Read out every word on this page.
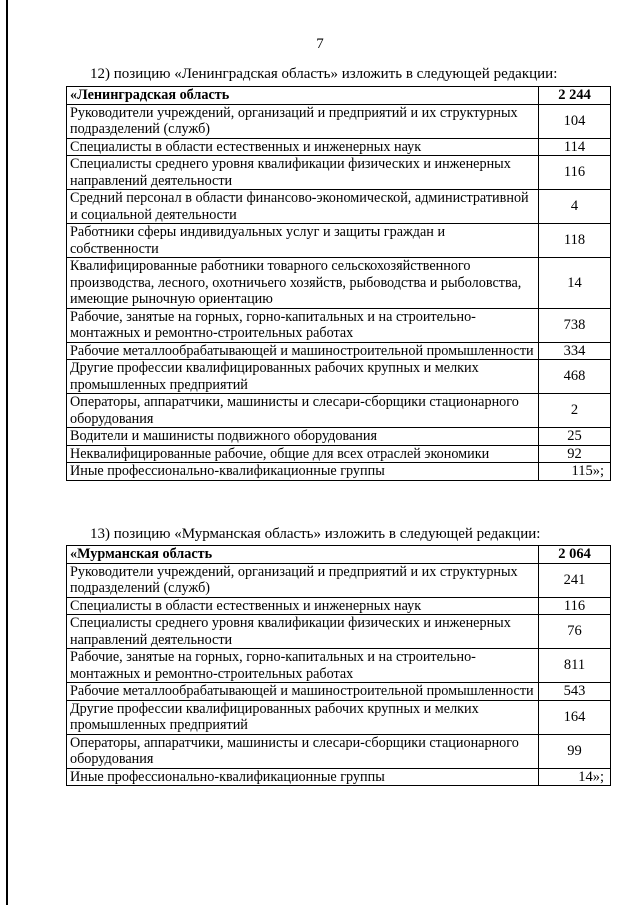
7
12) позицию «Ленинградская область» изложить в следующей редакции:
«Ленинградская область	2 244
Руководители учреждений, организаций и предприятий и их структурных подразделений (служб)	104
Специалисты в области естественных и инженерных наук	114
Специалисты среднего уровня квалификации физических и инженерных направлений деятельности	116
Средний персонал в области финансово-экономической, административной и социальной деятельности	4
Работники сферы индивидуальных услуг и защиты граждан и собственности	118
Квалифицированные работники товарного сельскохозяйственного производства, лесного, охотничьего хозяйств, рыбоводства и рыболовства, имеющие рыночную ориентацию	14
Рабочие, занятые на горных, горно-капитальных и на строительно-монтажных и ремонтно-строительных работах	738
Рабочие металлообрабатывающей и машиностроительной промышленности	334
Другие профессии квалифицированных рабочих крупных и мелких промышленных предприятий	468
Операторы, аппаратчики, машинисты и слесари-сборщики стационарного оборудования	2
Водители и машинисты подвижного оборудования	25
Неквалифицированные рабочие, общие для всех отраслей экономики	92
Иные профессионально-квалификационные группы	115»;
13) позицию «Мурманская область» изложить в следующей редакции:
«Мурманская область	2 064
Руководители учреждений, организаций и предприятий и их структурных подразделений (служб)	241
Специалисты в области естественных и инженерных наук	116
Специалисты среднего уровня квалификации физических и инженерных направлений деятельности	76
Рабочие, занятые на горных, горно-капитальных и на строительно-монтажных и ремонтно-строительных работах	811
Рабочие металлообрабатывающей и машиностроительной промышленности	543
Другие профессии квалифицированных рабочих крупных и мелких промышленных предприятий	164
Операторы, аппаратчики, машинисты и слесари-сборщики стационарного оборудования	99
Иные профессионально-квалификационные группы	14»;
